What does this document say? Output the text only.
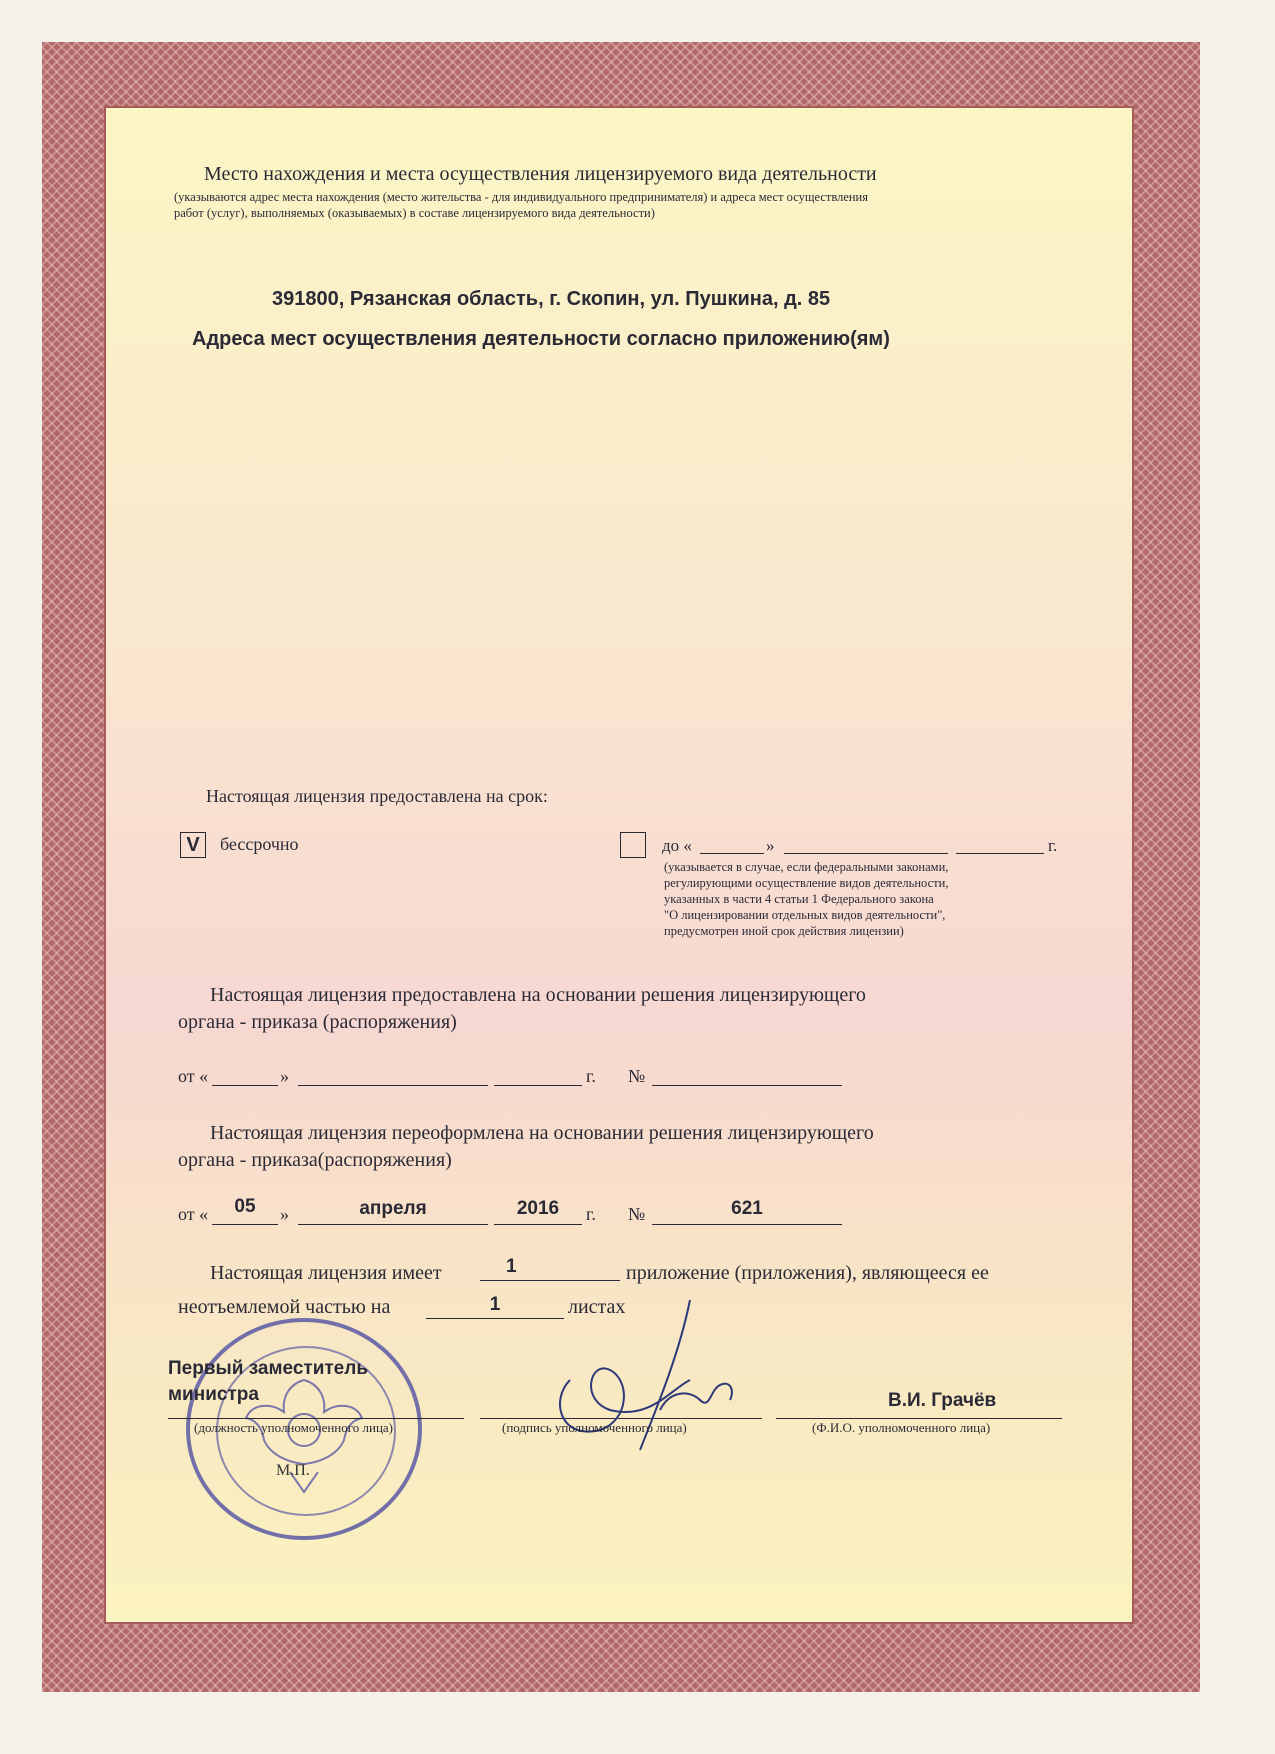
Место нахождения и места осуществления лицензируемого вида деятельности
(указываются адрес места нахождения (место жительства - для индивидуального предпринимателя) и адреса мест осуществления
работ (услуг), выполняемых (оказываемых) в составе лицензируемого вида деятельности)
391800, Рязанская область, г. Скопин, ул. Пушкина, д. 85
Адреса мест осуществления деятельности согласно приложению(ям)
Настоящая лицензия предоставлена на срок:
V	бессрочно	до «	»	г.
(указывается в случае, если федеральными законами,
регулирующими осуществление видов деятельности,
указанных в части 4 статьи 1 Федерального закона
"О лицензировании отдельных видов деятельности",
предусмотрен иной срок действия лицензии)
Настоящая лицензия предоставлена на основании решения лицензирующего
органа - приказа (распоряжения)
от «	»	г. №
Настоящая лицензия переоформлена на основании решения лицензирующего
органа - приказа(распоряжения)
от «	05	»	апреля	2016	г. №	621
Настоящая лицензия имеет	1	приложение (приложения), являющееся ее
неотъемлемой частью на	1	листах
М.П.
Первый заместитель
министра	В.И. Грачёв
(должность уполномоченного лица)	(подпись уполномоченного лица)	(Ф.И.О. уполномоченного лица)
